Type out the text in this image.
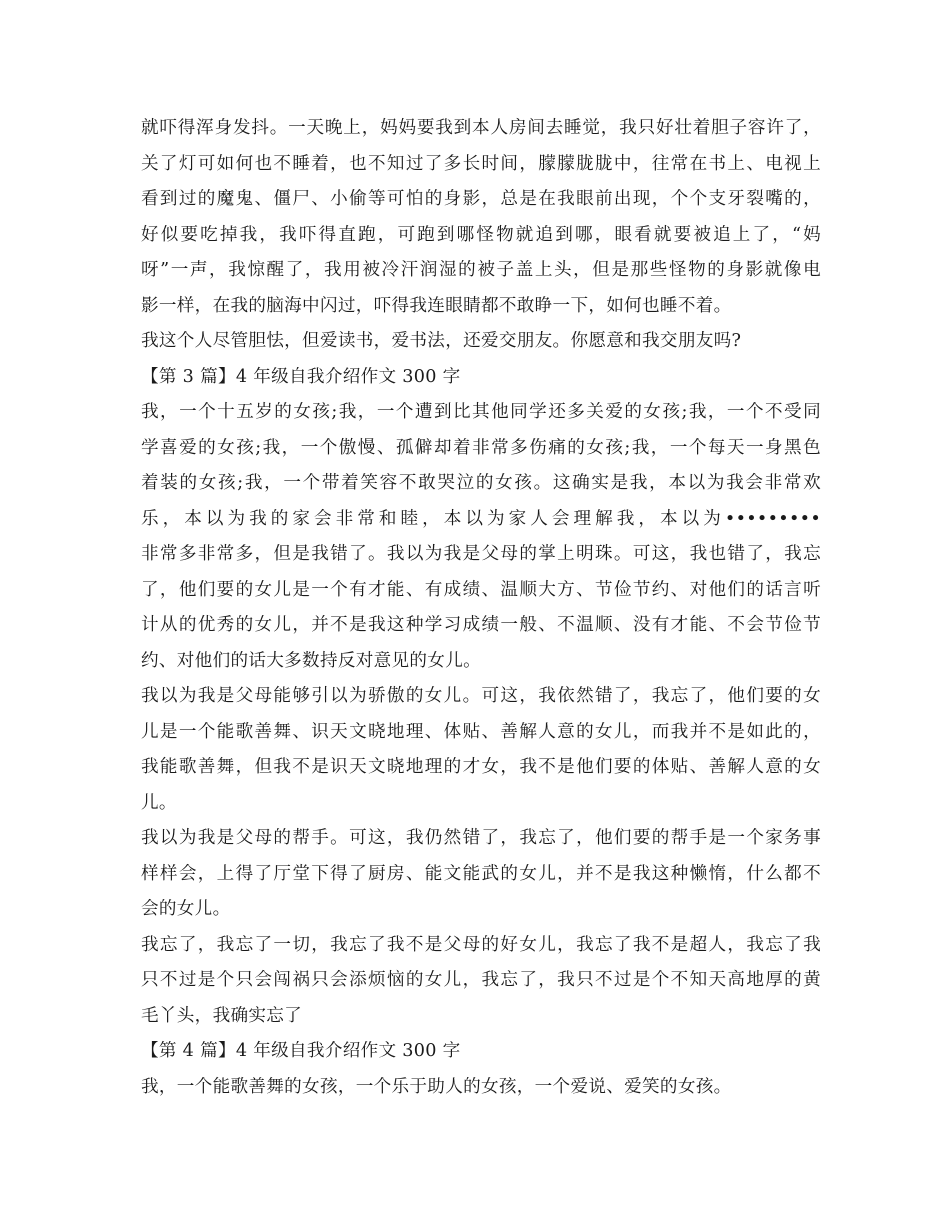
就吓得浑身发抖。一天晚上，妈妈要我到本人房间去睡觉，我只好壮着胆子容许了，
关了灯可如何也不睡着，也不知过了多长时间，朦朦胧胧中，往常在书上、电视上
看到过的魔鬼、僵尸、小偷等可怕的身影，总是在我眼前出现，个个支牙裂嘴的，
好似要吃掉我，我吓得直跑，可跑到哪怪物就追到哪，眼看就要被追上了，“妈
呀”一声，我惊醒了，我用被冷汗润湿的被子盖上头，但是那些怪物的身影就像电
影一样，在我的脑海中闪过，吓得我连眼睛都不敢睁一下，如何也睡不着。
我这个人尽管胆怯，但爱读书，爱书法，还爱交朋友。你愿意和我交朋友吗?
【第 3 篇】4 年级自我介绍作文 300 字
我，一个十五岁的女孩;我，一个遭到比其他同学还多关爱的女孩;我，一个不受同
学喜爱的女孩;我，一个傲慢、孤僻却着非常多伤痛的女孩;我，一个每天一身黑色
着装的女孩;我，一个带着笑容不敢哭泣的女孩。这确实是我，本以为我会非常欢
乐，本以为我的家会非常和睦，本以为家人会理解我，本以为•••••••••
非常多非常多，但是我错了。我以为我是父母的掌上明珠。可这，我也错了，我忘
了，他们要的女儿是一个有才能、有成绩、温顺大方、节俭节约、对他们的话言听
计从的优秀的女儿，并不是我这种学习成绩一般、不温顺、没有才能、不会节俭节
约、对他们的话大多数持反对意见的女儿。
我以为我是父母能够引以为骄傲的女儿。可这，我依然错了，我忘了，他们要的女
儿是一个能歌善舞、识天文晓地理、体贴、善解人意的女儿，而我并不是如此的，
我能歌善舞，但我不是识天文晓地理的才女，我不是他们要的体贴、善解人意的女
儿。
我以为我是父母的帮手。可这，我仍然错了，我忘了，他们要的帮手是一个家务事
样样会，上得了厅堂下得了厨房、能文能武的女儿，并不是我这种懒惰，什么都不
会的女儿。
我忘了，我忘了一切，我忘了我不是父母的好女儿，我忘了我不是超人，我忘了我
只不过是个只会闯祸只会添烦恼的女儿，我忘了，我只不过是个不知天高地厚的黄
毛丫头，我确实忘了
【第 4 篇】4 年级自我介绍作文 300 字
我，一个能歌善舞的女孩，一个乐于助人的女孩，一个爱说、爱笑的女孩。
